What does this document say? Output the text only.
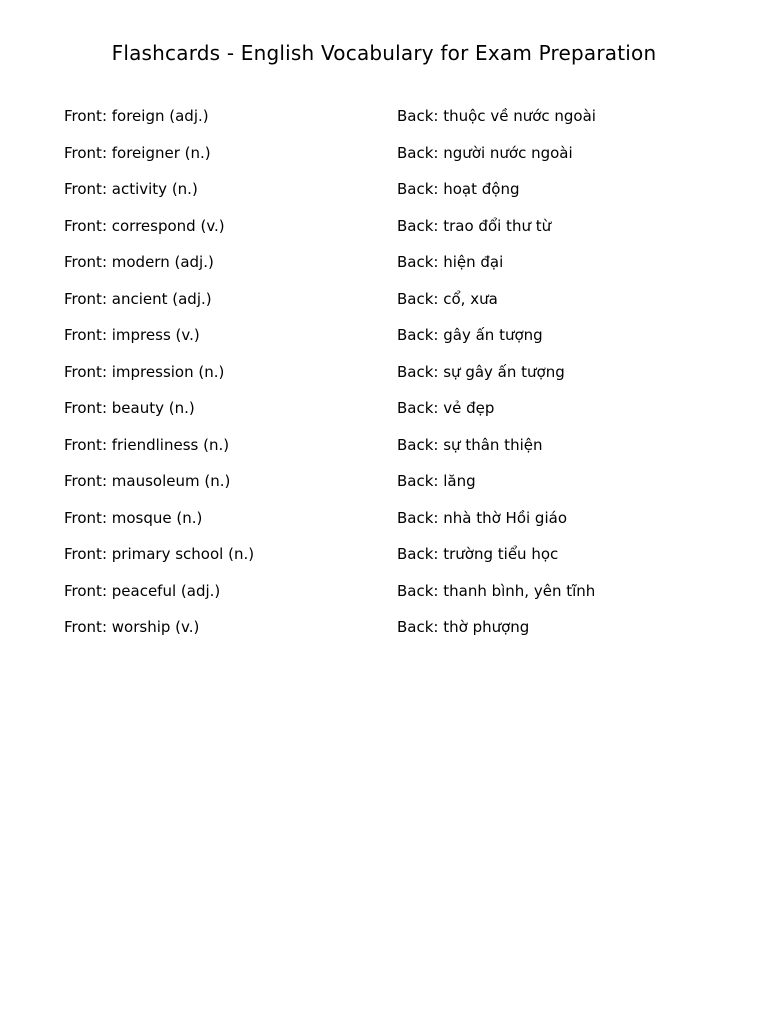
Flashcards - English Vocabulary for Exam Preparation
Front: foreign (adj.)	Back: thuộc về nước ngoài
Front: foreigner (n.)	Back: người nước ngoài
Front: activity (n.)	Back: hoạt động
Front: correspond (v.)	Back: trao đổi thư từ
Front: modern (adj.)	Back: hiện đại
Front: ancient (adj.)	Back: cổ, xưa
Front: impress (v.)	Back: gây ấn tượng
Front: impression (n.)	Back: sự gây ấn tượng
Front: beauty (n.)	Back: vẻ đẹp
Front: friendliness (n.)	Back: sự thân thiện
Front: mausoleum (n.)	Back: lăng
Front: mosque (n.)	Back: nhà thờ Hồi giáo
Front: primary school (n.)	Back: trường tiểu học
Front: peaceful (adj.)	Back: thanh bình, yên tĩnh
Front: worship (v.)	Back: thờ phượng
